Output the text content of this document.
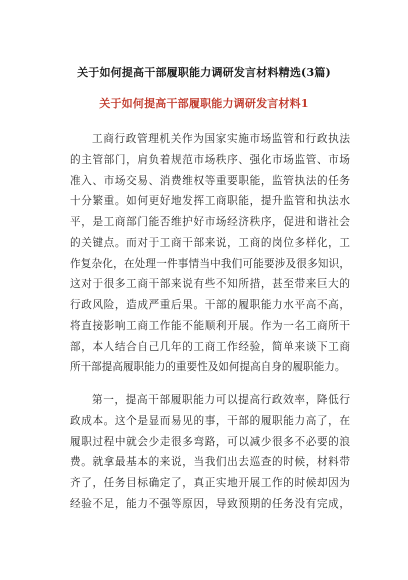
关于如何提高干部履职能力调研发言材料精选(3篇)
关于如何提高干部履职能力调研发言材料1
工商行政管理机关作为国家实施市场监管和行政执法
的主管部门，肩负着规范市场秩序、强化市场监管、市场
准入、市场交易、消费维权等重要职能，监管执法的任务
十分繁重。如何更好地发挥工商职能，提升监管和执法水
平，是工商部门能否维护好市场经济秩序，促进和谐社会
的关键点。而对于工商干部来说，工商的岗位多样化，工
作复杂化，在处理一件事情当中我们可能要涉及很多知识，
这对于很多工商干部来说有些不知所措，甚至带来巨大的
行政风险，造成严重后果。干部的履职能力水平高不高，
将直接影响工商工作能不能顺利开展。作为一名工商所干
部，本人结合自己几年的工商工作经验，简单来谈下工商
所干部提高履职能力的重要性及如何提高自身的履职能力。
第一，提高干部履职能力可以提高行政效率，降低行
政成本。这个是显而易见的事，干部的履职能力高了，在
履职过程中就会少走很多弯路，可以减少很多不必要的浪
费。就拿最基本的来说，当我们出去巡查的时候，材料带
齐了，任务目标确定了，真正实地开展工作的时候却因为
经验不足，能力不强等原因，导致预期的任务没有完成，
